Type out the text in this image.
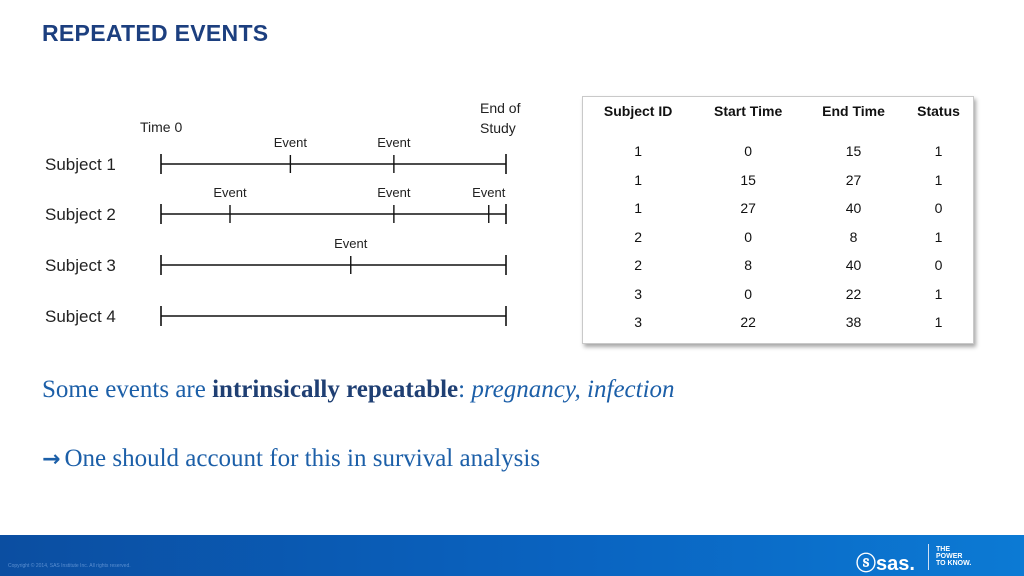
REPEATED EVENTS
Time 0
End of
Study
Subject 1
Event	Event
Subject 2
Event	Event	Event
Subject 3
Event
Subject 4
Subject ID	Start Time	End Time	Status

1	0	15	1
1	15	27	1
1	27	40	0
2	0	8	1
2	8	40	0
3	0	22	1
3	22	38	1
Some events are intrinsically repeatable: pregnancy, infection
→ One should account for this in survival analysis
Copyright © 2014, SAS Institute Inc. All rights reserved.	ⓢsas.
THE
POWER
TO KNOW.
